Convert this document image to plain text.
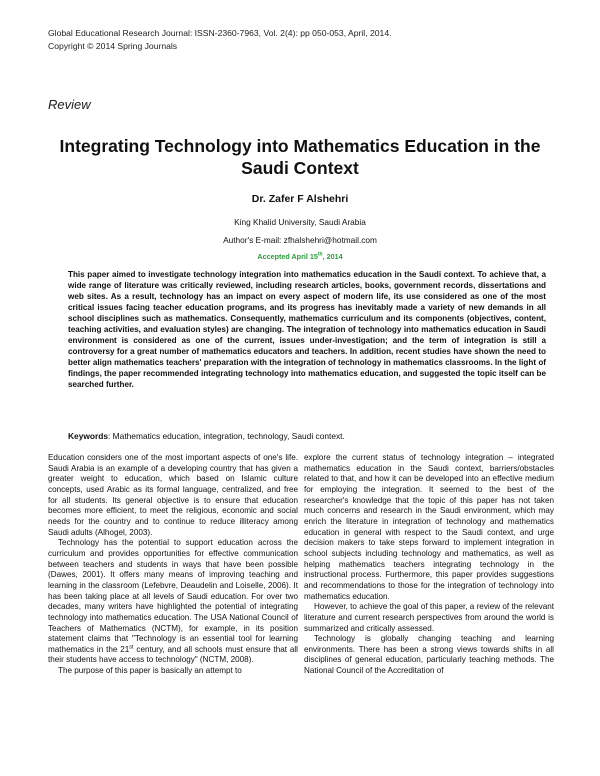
Global Educational Research Journal: ISSN-2360-7963, Vol. 2(4): pp 050-053, April, 2014.
Copyright © 2014 Spring Journals
Review
Integrating Technology into Mathematics Education in the Saudi Context
Dr. Zafer F Alshehri
King Khalid University, Saudi Arabia
Author's E-mail: zfhalshehri@hotmail.com
Accepted April 15th, 2014
This paper aimed to investigate technology integration into mathematics education in the Saudi context. To achieve that, a wide range of literature was critically reviewed, including research articles, books, government records, dissertations and web sites. As a result, technology has an impact on every aspect of modern life, its use considered as one of the most critical issues facing teacher education programs, and its progress has inevitably made a variety of new demands in all school disciplines such as mathematics. Consequently, mathematics curriculum and its components (objectives, content, teaching activities, and evaluation styles) are changing. The integration of technology into mathematics education in Saudi environment is considered as one of the current, issues under-investigation; and the term of integration is still a controversy for a great number of mathematics educators and teachers. In addition, recent studies have shown the need to better align mathematics teachers' preparation with the integration of technology in mathematics classrooms. In the light of findings, the paper recommended integrating technology into mathematics education, and suggested the topic itself can be searched further.
Keywords: Mathematics education, integration, technology, Saudi context.

Education considers one of the most important aspects of one's life. Saudi Arabia is an example of a developing country that has given a greater weight to education, which based on Islamic culture concepts, used Arabic as its formal language, centralized, and free for all students. Its general objective is to ensure that education becomes more efficient, to meet the religious, economic and social needs for the country and to continue to reduce illiteracy among Saudi adults (Alhogel, 2003).

Technology has the potential to support education across the curriculum and provides opportunities for effective communication between teachers and students in ways that have been possible (Dawes, 2001). It offers many means of improving teaching and learning in the classroom (Lefebvre, Deaudelin and Loiselle, 2006). It has been taking place at all levels of Saudi education. For over two decades, many writers have highlighted the potential of integrating technology into mathematics education. The USA National Council of Teachers of Mathematics (NCTM), for example, in its position statement claims that "Technology is an essential tool for learning mathematics in the 21st century, and all schools must ensure that all their students have access to technology" (NCTM, 2008).

The purpose of this paper is basically an attempt to

explore the current status of technology integration – integrated mathematics education in the Saudi context, barriers/obstacles related to that, and how it can be developed into an effective medium for employing the integration. It seemed to the best of the researcher's knowledge that the topic of this paper has not taken much concerns and research in the Saudi environment, which may enrich the literature in integration of technology and mathematics education in general with respect to the Saudi context, and urge decision makers to take steps forward to implement integration in school subjects including technology and mathematics, as well as helping mathematics teachers integrating technology in the instructional process. Furthermore, this paper provides suggestions and recommendations to those for the integration of technology into mathematics education.

However, to achieve the goal of this paper, a review of the relevant literature and current research perspectives from around the world is summarized and critically assessed.

Technology is globally changing teaching and learning environments. There has been a strong views towards shifts in all disciplines of general education, particularly teaching methods. The National Council of the Accreditation of
